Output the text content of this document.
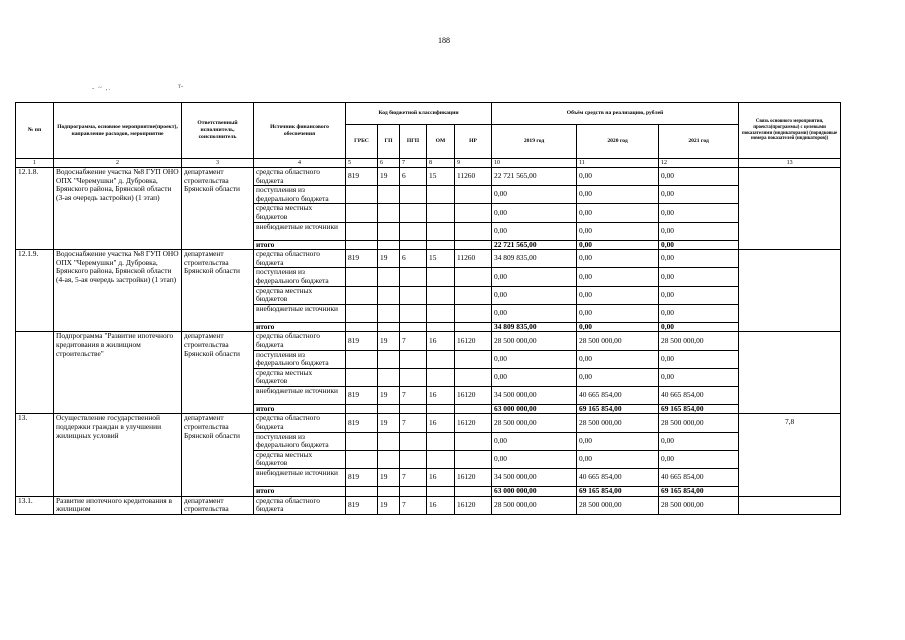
188
- ~ ,.	т-
№ пп	Подпрограмма, основное мероприятие(проект), направление расходов, мероприятие	Ответственный исполнитель, соисполнитель	Источник финансового обеспечения	Код бюджетной классификации					Объём средств на реализацию, рублей			Связь основного мероприятия, проекта(программы) с целевыми показателями (индикаторами) (порядковые номера показателей (индикаторов))
				ГРБС	ГП	ПГП	ОМ	НР	2019 год	2020 год	2021 год	
1	2	3	4	5	6	7	8	9	10	11	12	13
12.1.8.	Водоснабжение участка №8 ГУП ОНО ОПХ "Черемушки" д. Дубровка, Брянского района, Брянской области (3-ая очередь застройки) (1 этап)	департамент строительства Брянской области	средства областного бюджета	819	19	6	15	11260	22 721 565,00	0,00	0,00	
			поступления из федерального бюджета						0,00	0,00	0,00	
			средства местных бюджетов						0,00	0,00	0,00	
			внебюджетные источники						0,00	0,00	0,00	
			итого						22 721 565,00	0,00	0,00	
12.1.9.	Водоснабжение участка №8 ГУП ОНО ОПХ "Черемушки" д. Дубровка, Брянского района, Брянской области (4-ая, 5-ая очередь застройки) (1 этап)	департамент строительства Брянской области	средства областного бюджета	819	19	6	15	11260	34 809 835,00	0,00	0,00	
			поступления из федерального бюджета						0,00	0,00	0,00	
			средства местных бюджетов						0,00	0,00	0,00	
			внебюджетные источники						0,00	0,00	0,00	
			итого						34 809 835,00	0,00	0,00	
	Подпрограмма "Развитие ипотечного кредитования в жилищном строительстве"	департамент строительства Брянской области	средства областного бюджета	819	19	7	16	16120	28 500 000,00	28 500 000,00	28 500 000,00	
			поступления из федерального бюджета						0,00	0,00	0,00	
			средства местных бюджетов						0,00	0,00	0,00	
			внебюджетные источники	819	19	7	16	16120	34 500 000,00	40 665 854,00	40 665 854,00	
			итого						63 000 000,00	69 165 854,00	69 165 854,00	
13.	Осуществление государственной поддержки граждан в улучшении жилищных условий	департамент строительства Брянской области	средства областного бюджета	819	19	7	16	16120	28 500 000,00	28 500 000,00	28 500 000,00	7,8
			поступления из федерального бюджета						0,00	0,00	0,00	
			средства местных бюджетов						0,00	0,00	0,00	
			внебюджетные источники	819	19	7	16	16120	34 500 000,00	40 665 854,00	40 665 854,00	
			итого						63 000 000,00	69 165 854,00	69 165 854,00	
13.1.	Развитие ипотечного кредитования в жилищном	департамент строительства	средства областного бюджета	819	19	7	16	16120	28 500 000,00	28 500 000,00	28 500 000,00	
